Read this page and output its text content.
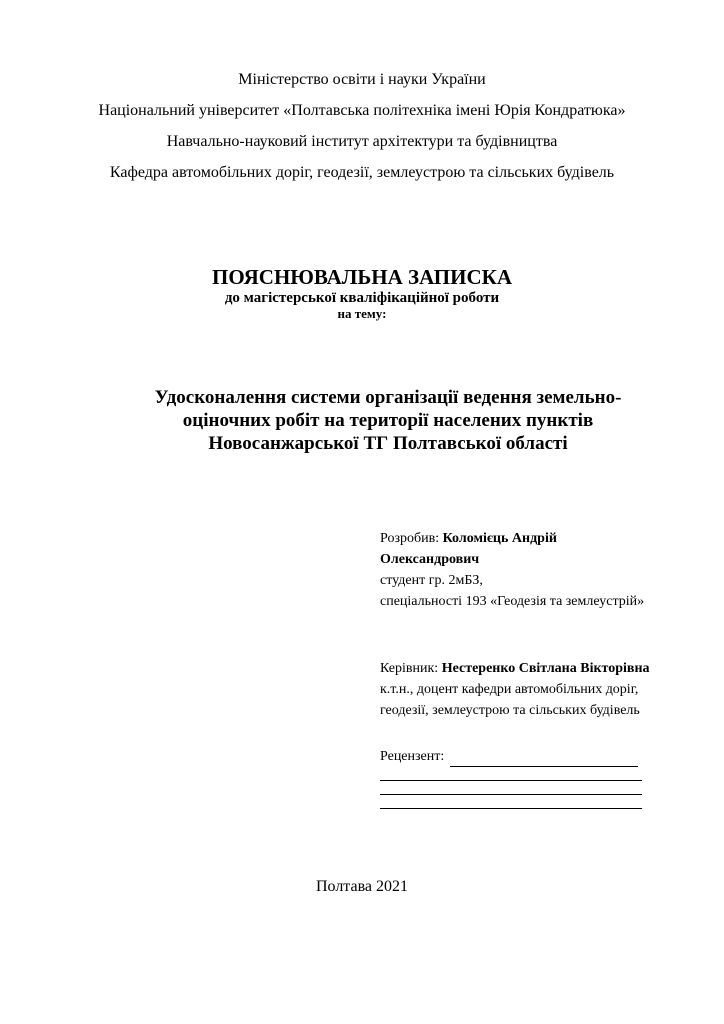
Міністерство освіти і науки України
Національний університет «Полтавська політехніка імені Юрія Кондратюка»
Навчально-науковий інститут архітектури та будівництва
Кафедра автомобільних доріг, геодезії, землеустрою та сільських будівель
ПОЯСНЮВАЛЬНА ЗАПИСКА
до магістерської кваліфікаційної роботи
на тему:
Удосконалення системи організації ведення земельно-
оціночних робіт на території населених пунктів
Новосанжарської ТГ Полтавської області
Розробив: Коломієць Андрій
Олександрович
студент гр. 2мБЗ,
спеціальності 193 «Геодезія та землеустрій»
Керівник: Нестеренко Світлана Вікторівна
к.т.н., доцент кафедри автомобільних доріг,
геодезії, землеустрою та сільських будівель
Рецензент:
Полтава 2021
